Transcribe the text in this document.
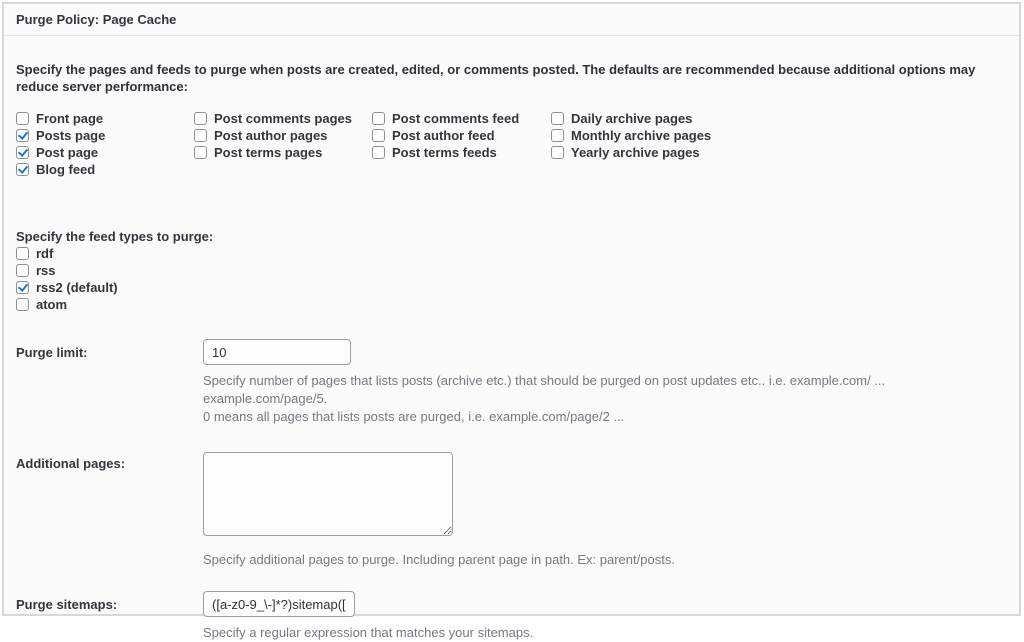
Purge Policy: Page Cache

Specify the pages and feeds to purge when posts are created, edited, or comments posted. The defaults are recommended because additional options may reduce server performance:

Front page
Posts page
Post page
Blog feed
Post comments pages
Post author pages
Post terms pages
Post comments feed
Post author feed
Post terms feeds
Daily archive pages
Monthly archive pages
Yearly archive pages
Specify the feed types to purge:
rdf
rss
rss2 (default)
atom
Purge limit:
10
Specify number of pages that lists posts (archive etc.) that should be purged on post updates etc.. i.e. example.com/ ... example.com/page/5.
0 means all pages that lists posts are purged, i.e. example.com/page/2 ...
Additional pages:
Specify additional pages to purge. Including parent page in path. Ex: parent/posts.
Purge sitemaps:
([a-z0-9_\-]*?)sitemap([a-z0-9_\-]*)?\.xml
Specify a regular expression that matches your sitemaps.
